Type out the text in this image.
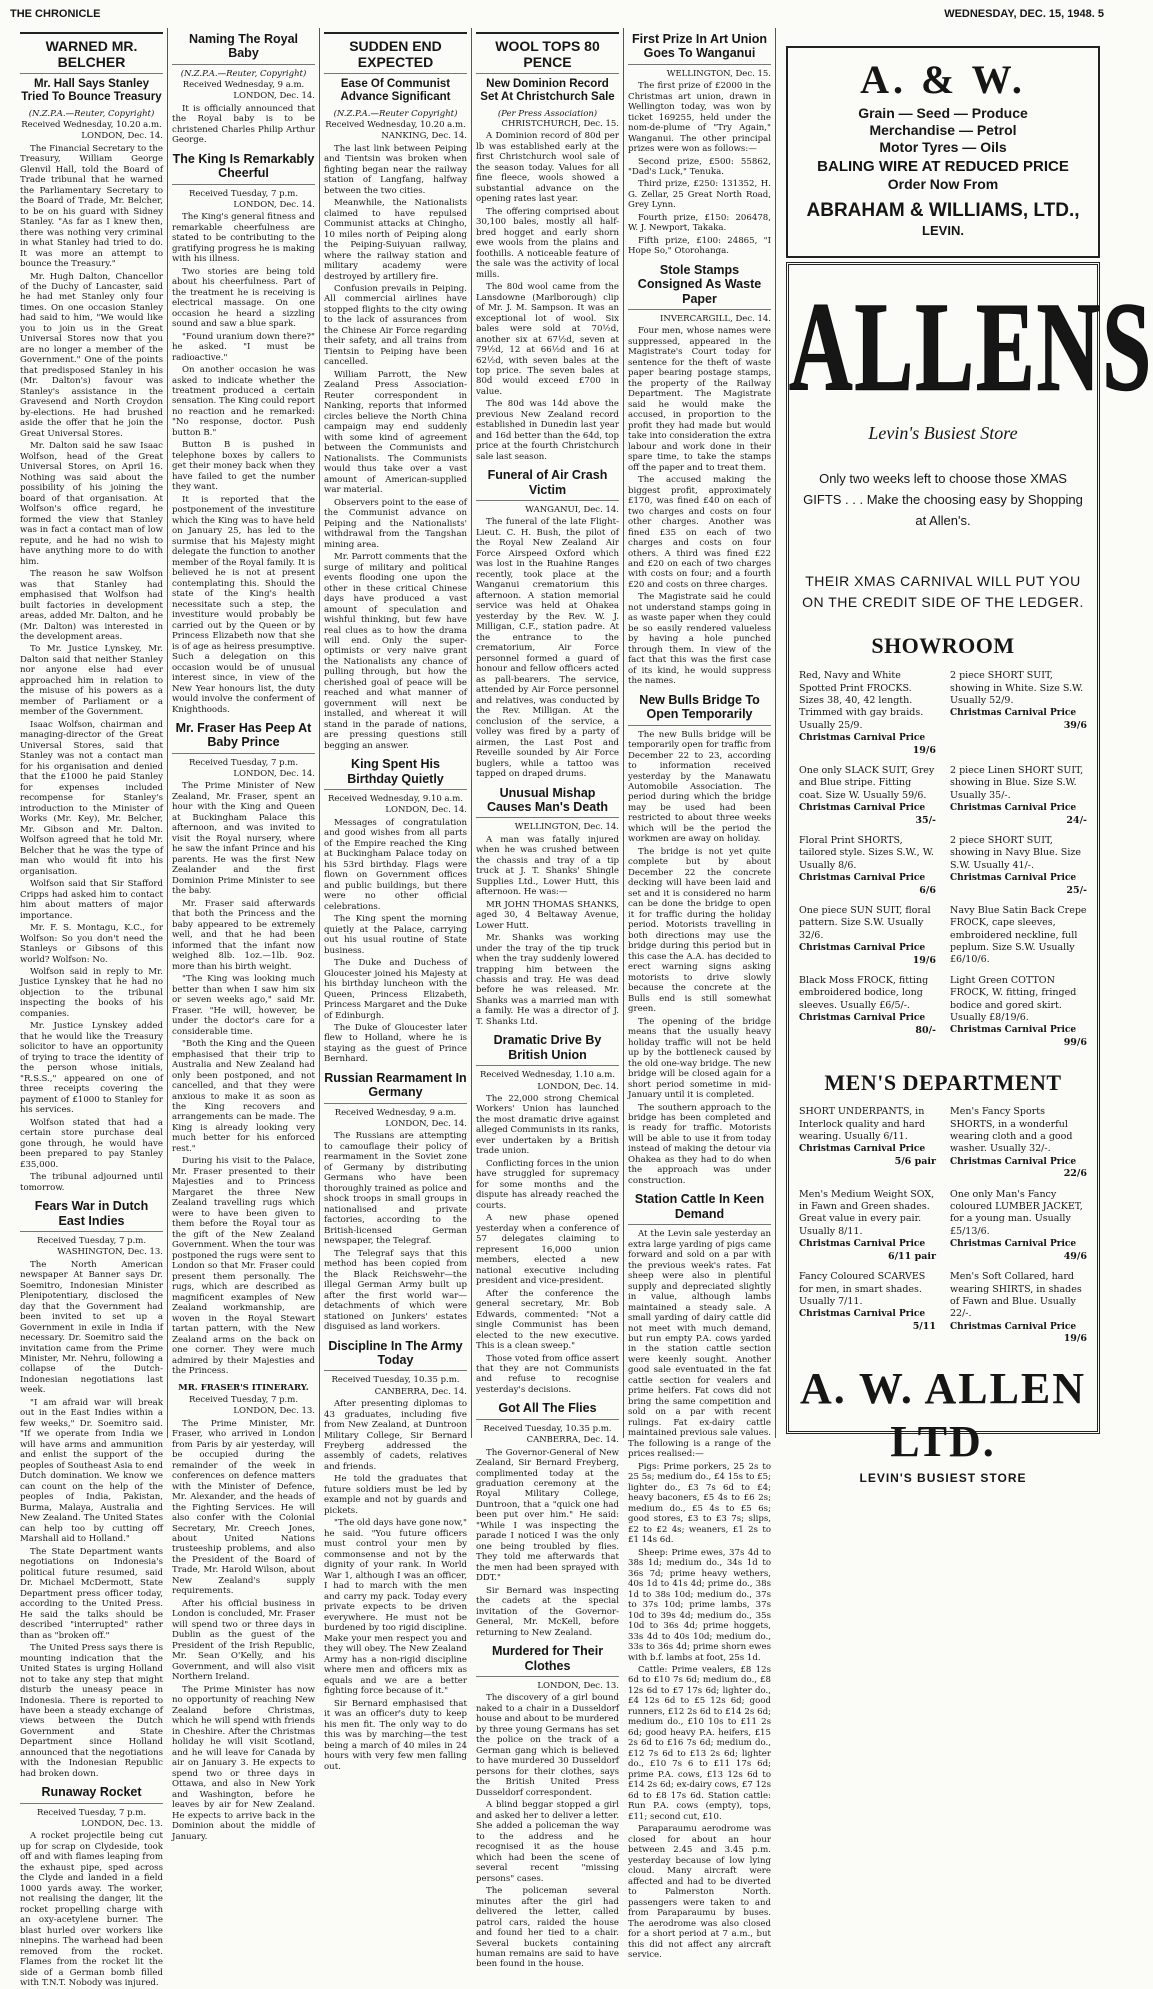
THE CHRONICLE	WEDNESDAY, DEC. 15, 1948. 5
WARNED MR. BELCHER
Mr. Hall Says Stanley Tried To Bounce Treasury
(N.Z.P.A.—Reuter, Copyright)
Received Wednesday, 10.20 a.m.
LONDON, Dec. 14.

The Financial Secretary to the Treasury, William George Glenvil Hall, told the Board of Trade tribunal that he warned the Parliamentary Secretary to the Board of Trade, Mr. Belcher, to be on his guard with Sidney Stanley. "As far as I knew then, there was nothing very criminal in what Stanley had tried to do. It was more an attempt to bounce the Treasury."

Mr. Hugh Dalton, Chancellor of the Duchy of Lancaster, said he had met Stanley only four times. On one occasion Stanley had said to him, "We would like you to join us in the Great Universal Stores now that you are no longer a member of the Government." One of the points that predisposed Stanley in his (Mr. Dalton's) favour was Stanley's assistance in the Gravesend and North Croydon by-elections. He had brushed aside the offer that he join the Great Universal Stores.

Mr. Dalton said he saw Isaac Wolfson, head of the Great Universal Stores, on April 16. Nothing was said about the possibility of his joining the board of that organisation. At Wolfson's office regard, he formed the view that Stanley was in fact a contact man of low repute, and he had no wish to have anything more to do with him.

The reason he saw Wolfson was that Stanley had emphasised that Wolfson had built factories in development areas, added Mr. Dalton, and he (Mr. Dalton) was interested in the development areas.

To Mr. Justice Lynskey, Mr. Dalton said that neither Stanley nor anyone else had ever approached him in relation to the misuse of his powers as a member of Parliament or a member of the Government.

Isaac Wolfson, chairman and managing-director of the Great Universal Stores, said that Stanley was not a contact man for his organisation and denied that the £1000 he paid Stanley for expenses included recompense for Stanley's introduction to the Minister of Works (Mr. Key), Mr. Belcher, Mr. Gibson and Mr. Dalton. Wolfson agreed that he told Mr. Belcher that he was the type of man who would fit into his organisation.

Wolfson said that Sir Stafford Cripps had asked him to contact him about matters of major importance.

Mr. F. S. Montagu, K.C., for Wolfson: So you don't need the Stanleys or Gibsons of this world? Wolfson: No.

Wolfson said in reply to Mr. Justice Lynskey that he had no objection to the tribunal inspecting the books of his companies.

Mr. Justice Lynskey added that he would like the Treasury solicitor to have an opportunity of trying to trace the identity of the person whose initials, "R.S.S.," appeared on one of three receipts covering the payment of £1000 to Stanley for his services.

Wolfson stated that had a certain store purchase deal gone through, he would have been prepared to pay Stanley £35,000.

The tribunal adjourned until tomorrow.

Fears War in Dutch East Indies
Received Tuesday, 7 p.m.
WASHINGTON, Dec. 13.

The North American newspaper At Banner says Dr. Soemitro, Indonesian Minister Plenipotentiary, disclosed the day that the Government had been invited to set up a Government in exile in India if necessary. Dr. Soemitro said the invitation came from the Prime Minister, Mr. Nehru, following a collapse of the Dutch-Indonesian negotiations last week.

"I am afraid war will break out in the East Indies within a few weeks," Dr. Soemitro said. "If we operate from India we will have arms and ammunition and enlist the support of the peoples of Southeast Asia to end Dutch domination. We know we can count on the help of the peoples of India, Pakistan, Burma, Malaya, Australia and New Zealand. The United States can help too by cutting off Marshall aid to Holland."

The State Department wants negotiations on Indonesia's political future resumed, said Dr. Michael McDermott, State Department press officer today, according to the United Press. He said the talks should be described "interrupted" rather than as "broken off."

The United Press says there is mounting indication that the United States is urging Holland not to take any step that might disturb the uneasy peace in Indonesia. There is reported to have been a steady exchange of views between the Dutch Government and State Department since Holland announced that the negotiations with the Indonesian Republic had broken down.

Runaway Rocket
Received Tuesday, 7 p.m.
LONDON, Dec. 13.

A rocket projectile being cut up for scrap on Clydeside, took off and with flames leaping from the exhaust pipe, sped across the Clyde and landed in a field 1000 yards away. The worker, not realising the danger, lit the rocket propelling charge with an oxy-acetylene burner. The blast hurled over workers like ninepins. The warhead had been removed from the rocket. Flames from the rocket lit the side of a German bomb filled with T.N.T. Nobody was injured.

Naming The Royal Baby
(N.Z.P.A.—Reuter, Copyright)
Received Wednesday, 9 a.m.
LONDON, Dec. 14.

It is officially announced that the Royal baby is to be christened Charles Philip Arthur George.

The King Is Remarkably Cheerful
Received Tuesday, 7 p.m.
LONDON, Dec. 14.

The King's general fitness and remarkable cheerfulness are stated to be contributing to the gratifying progress he is making with his illness.

Two stories are being told about his cheerfulness. Part of the treatment he is receiving is electrical massage. On one occasion he heard a sizzling sound and saw a blue spark.

"Found uranium down there?" he asked. "I must be radioactive."

On another occasion he was asked to indicate whether the treatment produced a certain sensation. The King could report no reaction and he remarked: "No response, doctor. Push button B."

Button B is pushed in telephone boxes by callers to get their money back when they have failed to get the number they want.

It is reported that the postponement of the investiture which the King was to have held on January 25, has led to the surmise that his Majesty might delegate the function to another member of the Royal family. It is believed he is not at present contemplating this. Should the state of the King's health necessitate such a step, the investiture would probably be carried out by the Queen or by Princess Elizabeth now that she is of age as heiress presumptive. Such a delegation on this occasion would be of unusual interest since, in view of the New Year honours list, the duty would involve the conferment of Knighthoods.

Mr. Fraser Has Peep At Baby Prince
Received Tuesday, 7 p.m.
LONDON, Dec. 14.

The Prime Minister of New Zealand, Mr. Fraser, spent an hour with the King and Queen at Buckingham Palace this afternoon, and was invited to visit the Royal nursery, where he saw the infant Prince and his parents. He was the first New Zealander and the first Dominion Prime Minister to see the baby.

Mr. Fraser said afterwards that both the Princess and the baby appeared to be extremely well, and that he had been informed that the infant now weighed 8lb. 1oz.—1lb. 9oz. more than his birth weight.

"The King was looking much better than when I saw him six or seven weeks ago," said Mr. Fraser. "He will, however, be under the doctor's care for a considerable time.

"Both the King and the Queen emphasised that their trip to Australia and New Zealand had only been postponed, and not cancelled, and that they were anxious to make it as soon as the King recovers and arrangements can be made. The King is already looking very much better for his enforced rest."

During his visit to the Palace, Mr. Fraser presented to their Majesties and to Princess Margaret the three New Zealand travelling rugs which were to have been given to them before the Royal tour as the gift of the New Zealand Government. When the tour was postponed the rugs were sent to London so that Mr. Fraser could present them personally. The rugs, which are described as magnificent examples of New Zealand workmanship, are woven in the Royal Stewart tartan pattern, with the New Zealand arms on the back on one corner. They were much admired by their Majesties and the Princess.

MR. FRASER'S ITINERARY.
Received Tuesday, 7 p.m.
LONDON, Dec. 13.

The Prime Minister, Mr. Fraser, who arrived in London from Paris by air yesterday, will be occupied during the remainder of the week in conferences on defence matters with the Minister of Defence, Mr. Alexander, and the heads of the Fighting Services. He will also confer with the Colonial Secretary, Mr. Creech Jones, about United Nations trusteeship problems, and also the President of the Board of Trade, Mr. Harold Wilson, about New Zealand's supply requirements.

After his official business in London is concluded, Mr. Fraser will spend two or three days in Dublin as the guest of the President of the Irish Republic, Mr. Sean O'Kelly, and his Government, and will also visit Northern Ireland.

The Prime Minister has now no opportunity of reaching New Zealand before Christmas, which he will spend with friends in Cheshire. After the Christmas holiday he will visit Scotland, and he will leave for Canada by air on January 3. He expects to spend two or three days in Ottawa, and also in New York and Washington, before he leaves by air for New Zealand. He expects to arrive back in the Dominion about the middle of January.

SUDDEN END EXPECTED
Ease Of Communist Advance Significant
(N.Z.P.A.—Reuter Copyright)
Received Wednesday, 10.20 a.m.
NANKING, Dec. 14.

The last link between Peiping and Tientsin was broken when fighting began near the railway station of Langfang, halfway between the two cities.

Meanwhile, the Nationalists claimed to have repulsed Communist attacks at Chingho, 10 miles north of Peiping along the Peiping-Suiyuan railway, where the railway station and military academy were destroyed by artillery fire.

Confusion prevails in Peiping. All commercial airlines have stopped flights to the city owing to the lack of assurances from the Chinese Air Force regarding their safety, and all trains from Tientsin to Peiping have been cancelled.

William Parrott, the New Zealand Press Association-Reuter correspondent in Nanking, reports that informed circles believe the North China campaign may end suddenly with some kind of agreement between the Communists and Nationalists. The Communists would thus take over a vast amount of American-supplied war material.

Observers point to the ease of the Communist advance on Peiping and the Nationalists' withdrawal from the Tangshan mining area.

Mr. Parrott comments that the surge of military and political events flooding one upon the other in these critical Chinese days have produced a vast amount of speculation and wishful thinking, but few have real clues as to how the drama will end. Only the super-optimists or very naive grant the Nationalists any chance of pulling through, but how the cherished goal of peace will be reached and what manner of government will next be installed, and whereat it will stand in the parade of nations, are pressing questions still begging an answer.

King Spent His Birthday Quietly
Received Wednesday, 9.10 a.m.
LONDON, Dec. 14.

Messages of congratulation and good wishes from all parts of the Empire reached the King at Buckingham Palace today on his 53rd birthday. Flags were flown on Government offices and public buildings, but there were no other official celebrations.

The King spent the morning quietly at the Palace, carrying out his usual routine of State business.

The Duke and Duchess of Gloucester joined his Majesty at his birthday luncheon with the Queen, Princess Elizabeth, Princess Margaret and the Duke of Edinburgh.

The Duke of Gloucester later flew to Holland, where he is staying as the guest of Prince Bernhard.

Russian Rearmament In Germany
Received Wednesday, 9 a.m.
LONDON, Dec. 14.

The Russians are attempting to camouflage their policy of rearmament in the Soviet zone of Germany by distributing Germans who have been thoroughly trained as police and shock troops in small groups in nationalised and private factories, according to the British-licensed German newspaper, the Telegraf.

The Telegraf says that this method has been copied from the Black Reichswehr—the illegal German Army built up after the first world war—detachments of which were stationed on Junkers' estates disguised as land workers.

Discipline In The Army Today
Received Tuesday, 10.35 p.m.
CANBERRA, Dec. 14.

After presenting diplomas to 43 graduates, including five from New Zealand, at Duntroon Military College, Sir Bernard Freyberg addressed the assembly of cadets, relatives and friends.

He told the graduates that future soldiers must be led by example and not by guards and pickets.

"The old days have gone now," he said. "You future officers must control your men by commonsense and not by the dignity of your rank. In World War 1, although I was an officer, I had to march with the men and carry my pack. Today every private expects to be driven everywhere. He must not be burdened by too rigid discipline. Make your men respect you and they will obey. The New Zealand Army has a non-rigid discipline where men and officers mix as equals and we are a better fighting force because of it."

Sir Bernard emphasised that it was an officer's duty to keep his men fit. The only way to do this was by marching—the test being a march of 40 miles in 24 hours with very few men falling out.

WOOL TOPS 80 PENCE
New Dominion Record Set At Christchurch Sale
(Per Press Association)
CHRISTCHURCH, Dec. 15.

A Dominion record of 80d per lb was established early at the first Christchurch wool sale of the season today. Values for all fine fleece, wools showed a substantial advance on the opening rates last year.

The offering comprised about 30,100 bales, mostly all half-bred hogget and early shorn ewe wools from the plains and foothills. A noticeable feature of the sale was the activity of local mills.

The 80d wool came from the Lansdowne (Marlborough) clip of Mr. J. M. Sampson. It was an exceptional lot of wool. Six bales were sold at 70½d, another six at 67½d, seven at 79½d, 12 at 66½d and 16 at 62½d, with seven bales at the top price. The seven bales at 80d would exceed £700 in value.

The 80d was 14d above the previous New Zealand record established in Dunedin last year and 16d better than the 64d, top price at the fourth Christchurch sale last season.

Funeral of Air Crash Victim
WANGANUI, Dec. 14.

The funeral of the late Flight-Lieut. C. H. Bush, the pilot of the Royal New Zealand Air Force Airspeed Oxford which was lost in the Ruahine Ranges recently, took place at the Wanganui crematorium this afternoon. A station memorial service was held at Ohakea yesterday by the Rev. W. J. Milligan, C.F., station padre. At the entrance to the crematorium, Air Force personnel formed a guard of honour and fellow officers acted as pall-bearers. The service, attended by Air Force personnel and relatives, was conducted by the Rev. Milligan. At the conclusion of the service, a volley was fired by a party of airmen, the Last Post and Reveille sounded by Air Force buglers, while a tattoo was tapped on draped drums.

Unusual Mishap Causes Man's Death
WELLINGTON, Dec. 14.

A man was fatally injured when he was crushed between the chassis and tray of a tip truck at J. T. Shanks' Shingle Supplies Ltd., Lower Hutt, this afternoon. He was:—

MR JOHN THOMAS SHANKS, aged 30, 4 Beltaway Avenue, Lower Hutt.

Mr. Shanks was working under the tray of the tip truck when the tray suddenly lowered trapping him between the chassis and tray. He was dead before he was released. Mr. Shanks was a married man with a family. He was a director of J. T. Shanks Ltd.

Dramatic Drive By British Union
Received Wednesday, 1.10 a.m.
LONDON, Dec. 14.

The 22,000 strong Chemical Workers' Union has launched the most dramatic drive against alleged Communists in its ranks, ever undertaken by a British trade union.

Conflicting forces in the union have struggled for supremacy for some months and the dispute has already reached the courts.

A new phase opened yesterday when a conference of 57 delegates claiming to represent 16,000 union members, elected a new national executive including president and vice-president.

After the conference the general secretary, Mr. Bob Edwards, commented: "Not a single Communist has been elected to the new executive. This is a clean sweep."

Those voted from office assert that they are not Communists and refuse to recognise yesterday's decisions.

Got All The Flies
Received Tuesday, 10.35 p.m.
CANBERRA, Dec. 14.

The Governor-General of New Zealand, Sir Bernard Freyberg, complimented today at the graduation ceremony at the Royal Military College, Duntroon, that a "quick one had been put over him." He said: "While I was inspecting the parade I noticed I was the only one being troubled by flies. They told me afterwards that the men had been sprayed with DDT."

Sir Bernard was inspecting the cadets at the special invitation of the Governor-General, Mr. McKell, before returning to New Zealand.

Murdered for Their Clothes
LONDON, Dec. 13.

The discovery of a girl bound naked to a chair in a Dusseldorf house and about to be murdered by three young Germans has set the police on the track of a German gang which is believed to have murdered 30 Dusseldorf persons for their clothes, says the British United Press Dusseldorf correspondent.

A blind beggar stopped a girl and asked her to deliver a letter. She added a policeman the way to the address and he recognised it as the house which had been the scene of several recent "missing persons" cases.

The policeman several minutes after the girl had delivered the letter, called patrol cars, raided the house and found her tied to a chair. Several buckets containing human remains are said to have been found in the house.

First Prize In Art Union Goes To Wanganui
WELLINGTON, Dec. 15.

The first prize of £2000 in the Christmas art union, drawn in Wellington today, was won by ticket 169255, held under the nom-de-plume of "Try Again," Wanganui. The other principal prizes were won as follows:—

Second prize, £500: 55862, "Dad's Luck," Tenuka.

Third prize, £250: 131352, H. G. Zellar, 25 Great North Road, Grey Lynn.

Fourth prize, £150: 206478, W. J. Newport, Takaka.

Fifth prize, £100: 24865, "I Hope So," Otorohanga.

Stole Stamps Consigned As Waste Paper
INVERCARGILL, Dec. 14.

Four men, whose names were suppressed, appeared in the Magistrate's Court today for sentence for the theft of waste paper bearing postage stamps, the property of the Railway Department. The Magistrate said he would make the accused, in proportion to the profit they had made but would take into consideration the extra labour and work done in their spare time, to take the stamps off the paper and to treat them.

The accused making the biggest profit, approximately £170, was fined £40 on each of two charges and costs on four other charges. Another was fined £35 on each of two charges and costs on four others. A third was fined £22 and £20 on each of two charges with costs on four; and a fourth £20 and costs on three charges.

The Magistrate said he could not understand stamps going in as waste paper when they could be so easily rendered valueless by having a hole punched through them. In view of the fact that this was the first case of its kind, he would suppress the names.

New Bulls Bridge To Open Temporarily

The new Bulls bridge will be temporarily open for traffic from December 22 to 23, according to information received yesterday by the Manawatu Automobile Association. The period during which the bridge may be used had been restricted to about three weeks which will be the period the workmen are away on holiday.

The bridge is not yet quite complete but by about December 22 the concrete decking will have been laid and set and it is considered no harm can be done the bridge to open it for traffic during the holiday period. Motorists travelling in both directions may use the bridge during this period but in this case the A.A. has decided to erect warning signs asking motorists to drive slowly because the concrete at the Bulls end is still somewhat green.

The opening of the bridge means that the usually heavy holiday traffic will not be held up by the bottleneck caused by the old one-way bridge. The new bridge will be closed again for a short period sometime in mid-January until it is completed.

The southern approach to the bridge has been completed and is ready for traffic. Motorists will be able to use it from today instead of making the detour via Ohakea as they had to do when the approach was under construction.

Station Cattle In Keen Demand

At the Levin sale yesterday an extra large yarding of pigs came forward and sold on a par with the previous week's rates. Fat sheep were also in plentiful supply and depreciated slightly in value, although lambs maintained a steady sale. A small yarding of dairy cattle did not meet with much demand, but run empty P.A. cows yarded in the station cattle section were keenly sought. Another good sale eventuated in the fat cattle section for vealers and prime heifers. Fat cows did not bring the same competition and sold on a par with recent rulings. Fat ex-dairy cattle maintained previous sale values. The following is a range of the prices realised:—

Pigs: Prime porkers, 25 2s to 25 5s; medium do., £4 15s to £5; lighter do., £3 7s 6d to £4; heavy baconers, £5 4s to £6 2s; medium do., £5 4s to £5 6s; good stores, £3 to £3 7s; slips, £2 to £2 4s; weaners, £1 2s to £1 14s 6d.

Sheep: Prime ewes, 37s 4d to 38s 1d; medium do., 34s 1d to 36s 7d; prime heavy wethers, 40s 1d to 41s 4d; prime do., 38s 1d to 38s 10d; medium do., 37s to 37s 10d; prime lambs, 37s 10d to 39s 4d; medium do., 35s 10d to 36s 4d; prime hoggets, 33s 4d to 40s 10d; medium do., 33s to 36s 4d; prime shorn ewes with b.f. lambs at foot, 25s 1d.

Cattle: Prime vealers, £8 12s 6d to £10 7s 6d; medium do., £8 12s 6d to £7 17s 6d; lighter do., £4 12s 6d to £5 12s 6d; good runners, £12 2s 6d to £14 2s 6d; medium do., £10 10s to £11 2s 6d; good heavy P.A. heifers, £15 2s 6d to £16 7s 6d; medium do., £12 7s 6d to £13 2s 6d; lighter do., £10 7s 6 to £11 17s 6d; prime P.A. cows, £13 12s 6d to £14 2s 6d; ex-dairy cows, £7 12s 6d to £8 17s 6d. Station cattle: Run P.A. cows (empty), tops, £11; second cut, £10.

Paraparaumu aerodrome was closed for about an hour between 2.45 and 3.45 p.m. yesterday because of low lying cloud. Many aircraft were affected and had to be diverted to Palmerston North. passengers were taken to and from Paraparaumu by buses. The aerodrome was also closed for a short period at 7 a.m., but this did not affect any aircraft service.

A. & W.
Grain — Seed — Produce
Merchandise — Petrol
Motor Tyres — Oils
BALING WIRE AT REDUCED PRICE
Order Now From
ABRAHAM & WILLIAMS, LTD.,
LEVIN.
ALLENS
Levin's Busiest Store
Only two weeks left to choose those XMAS GIFTS . . . Make the choosing easy by Shopping at Allen's.
THEIR XMAS CARNIVAL WILL PUT YOU ON THE CREDIT SIDE OF THE LEDGER.
SHOWROOM

Red, Navy and White Spotted Print FROCKS. Sizes 38, 40, 42 length. Trimmed with gay braids. Usually 25/9.

Christmas Carnival Price
19/6

2 piece SHORT SUIT, showing in White. Size S.W. Usually 52/9.

Christmas Carnival Price
39/6

One only SLACK SUIT, Grey and Blue stripe. Fitting coat. Size W. Usually 59/6.

Christmas Carnival Price
35/-

2 piece Linen SHORT SUIT, showing in Blue. Size S.W. Usually 35/-.

Christmas Carnival Price
24/-

Floral Print SHORTS, tailored style. Sizes S.W., W. Usually 8/6.

Christmas Carnival Price
6/6

2 piece SHORT SUIT, showing in Navy Blue. Size S.W. Usually 41/-.

Christmas Carnival Price
25/-

One piece SUN SUIT, floral pattern. Size S.W. Usually 32/6.

Christmas Carnival Price
19/6

Navy Blue Satin Back Crepe FROCK, cape sleeves, embroidered neckline, full peplum. Size S.W. Usually £6/10/6.

Black Moss FROCK, fitting embroidered bodice, long sleeves. Usually £6/5/-.

Christmas Carnival Price
80/-

Light Green COTTON FROCK, W. fitting, fringed bodice and gored skirt. Usually £8/19/6.

Christmas Carnival Price
99/6
MEN'S DEPARTMENT

SHORT UNDERPANTS, in Interlock quality and hard wearing. Usually 6/11.

Christmas Carnival Price
5/6 pair

Men's Fancy Sports SHORTS, in a wonderful wearing cloth and a good washer. Usually 32/-.

Christmas Carnival Price
22/6

Men's Medium Weight SOX, in Fawn and Green shades. Great value in every pair. Usually 8/11.

Christmas Carnival Price
6/11 pair

One only Man's Fancy coloured LUMBER JACKET, for a young man. Usually £5/13/6.

Christmas Carnival Price
49/6

Fancy Coloured SCARVES for men, in smart shades. Usually 7/11.

Christmas Carnival Price
5/11

Men's Soft Collared, hard wearing SHIRTS, in shades of Fawn and Blue. Usually 22/-.

Christmas Carnival Price
19/6
A. W. ALLEN LTD.
LEVIN'S BUSIEST STORE
